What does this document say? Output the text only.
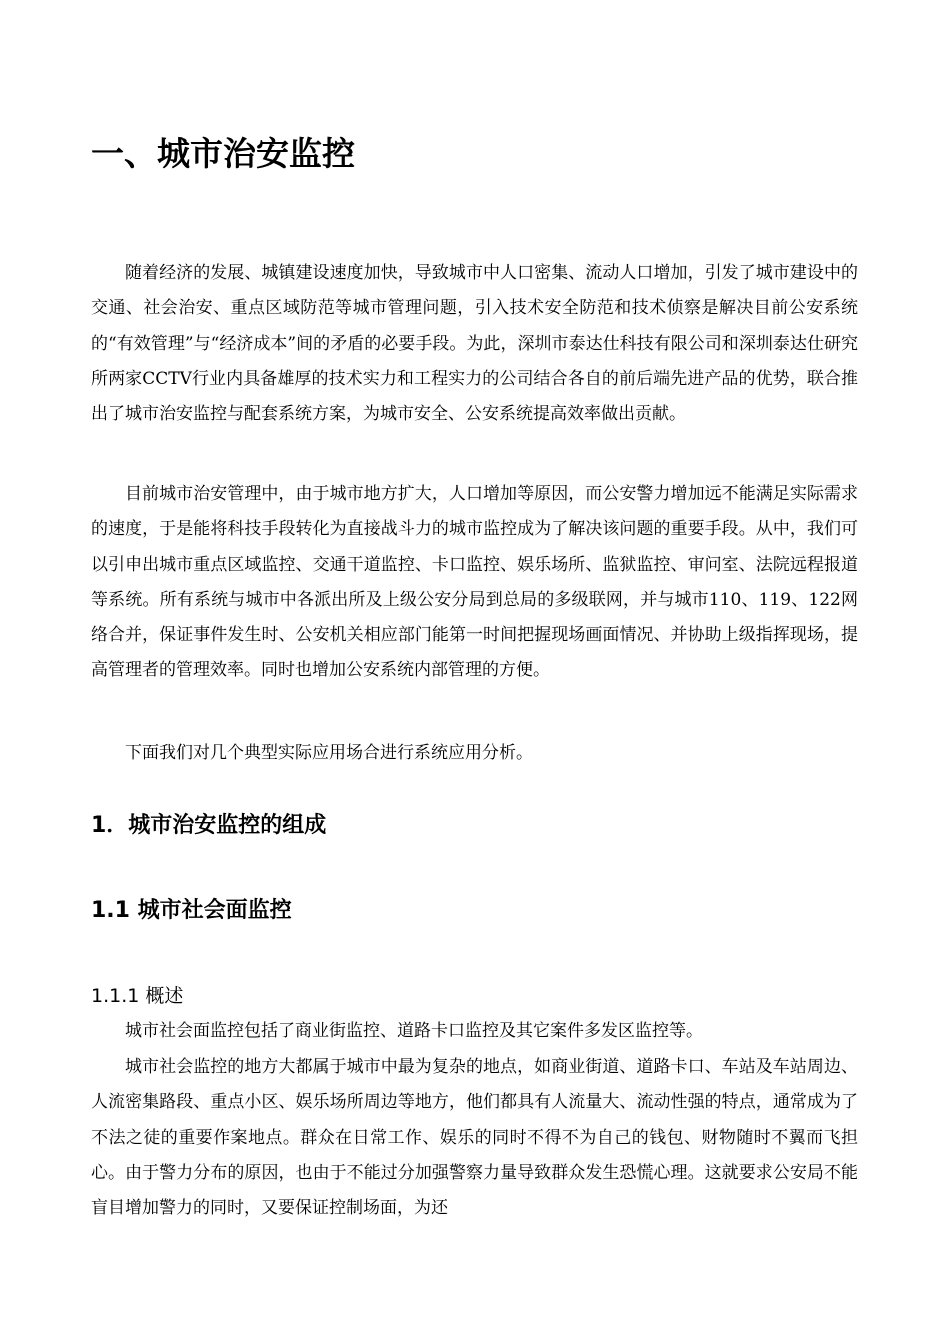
一、城市治安监控

随着经济的发展、城镇建设速度加快，导致城市中人口密集、流动人口增加，引发了城市建设中的交通、社会治安、重点区域防范等城市管理问题，引入技术安全防范和技术侦察是解决目前公安系统的“有效管理”与“经济成本”间的矛盾的必要手段。为此，深圳市泰达仕科技有限公司和深圳泰达仕研究所两家CCTV行业内具备雄厚的技术实力和工程实力的公司结合各自的前后端先进产品的优势，联合推出了城市治安监控与配套系统方案，为城市安全、公安系统提高效率做出贡献。

目前城市治安管理中，由于城市地方扩大，人口增加等原因，而公安警力增加远不能满足实际需求的速度，于是能将科技手段转化为直接战斗力的城市监控成为了解决该问题的重要手段。从中，我们可以引申出城市重点区域监控、交通干道监控、卡口监控、娱乐场所、监狱监控、审问室、法院远程报道等系统。所有系统与城市中各派出所及上级公安分局到总局的多级联网，并与城市110、119、122网络合并，保证事件发生时、公安机关相应部门能第一时间把握现场画面情况、并协助上级指挥现场，提高管理者的管理效率。同时也增加公安系统内部管理的方便。

下面我们对几个典型实际应用场合进行系统应用分析。

1．城市治安监控的组成
1.1 城市社会面监控
1.1.1 概述

城市社会面监控包括了商业街监控、道路卡口监控及其它案件多发区监控等。

城市社会监控的地方大都属于城市中最为复杂的地点，如商业街道、道路卡口、车站及车站周边、人流密集路段、重点小区、娱乐场所周边等地方，他们都具有人流量大、流动性强的特点，通常成为了不法之徒的重要作案地点。群众在日常工作、娱乐的同时不得不为自己的钱包、财物随时不翼而飞担心。由于警力分布的原因，也由于不能过分加强警察力量导致群众发生恐慌心理。这就要求公安局不能盲目增加警力的同时，又要保证控制场面，为还
